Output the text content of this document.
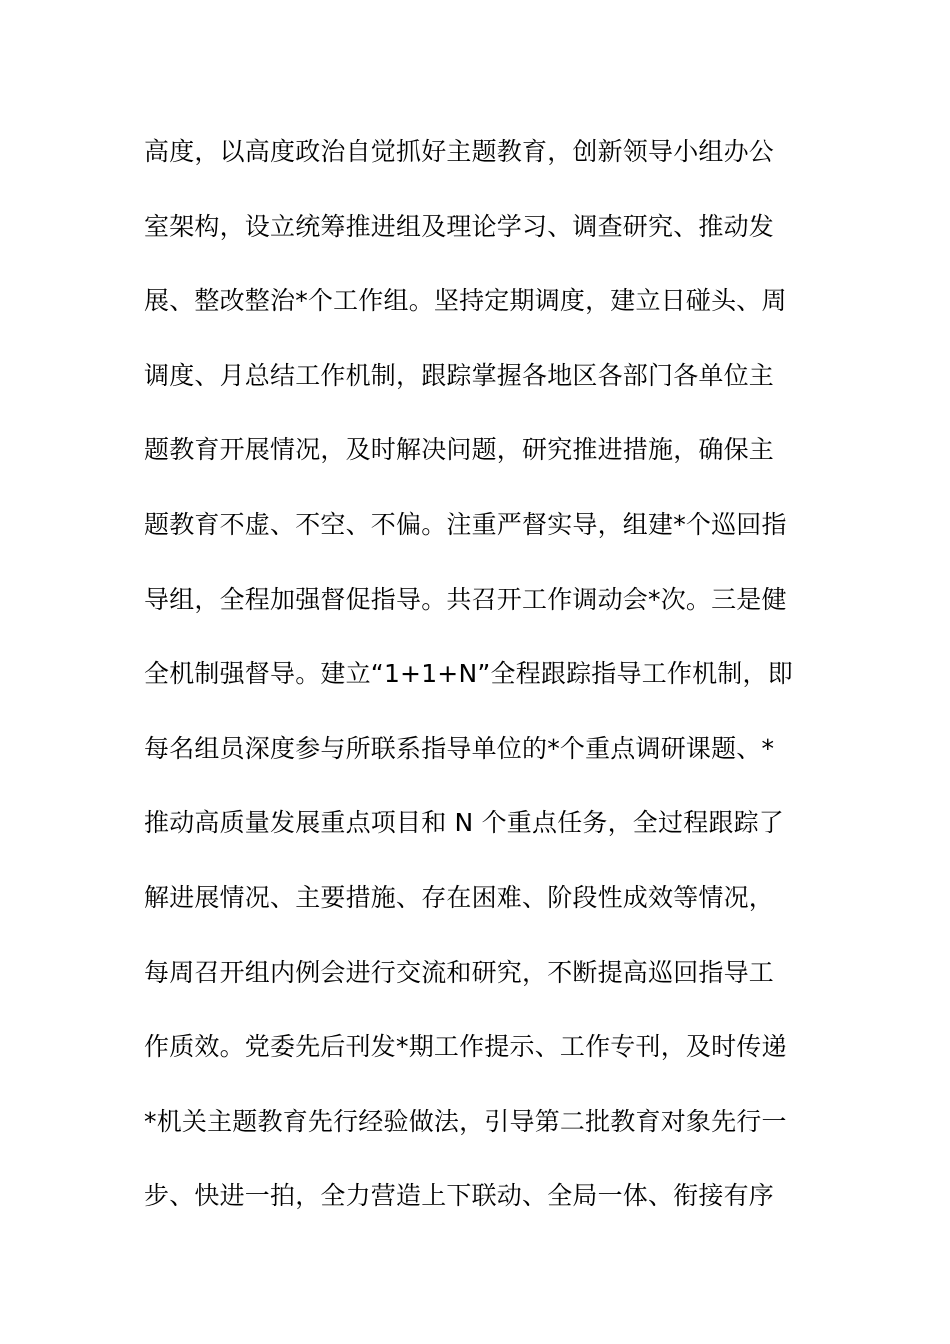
高度，以高度政治自觉抓好主题教育，创新领导小组办公
室架构，设立统筹推进组及理论学习、调查研究、推动发
展、整改整治*个工作组。坚持定期调度，建立日碰头、周
调度、月总结工作机制，跟踪掌握各地区各部门各单位主
题教育开展情况，及时解决问题，研究推进措施，确保主
题教育不虚、不空、不偏。注重严督实导，组建*个巡回指
导组，全程加强督促指导。共召开工作调动会*次。三是健
全机制强督导。建立“1+1+N”全程跟踪指导工作机制，即
每名组员深度参与所联系指导单位的*个重点调研课题、*
推动高质量发展重点项目和 N 个重点任务，全过程跟踪了
解进展情况、主要措施、存在困难、阶段性成效等情况，
每周召开组内例会进行交流和研究，不断提高巡回指导工
作质效。党委先后刊发*期工作提示、工作专刊，及时传递
*机关主题教育先行经验做法，引导第二批教育对象先行一
步、快进一拍，全力营造上下联动、全局一体、衔接有序
